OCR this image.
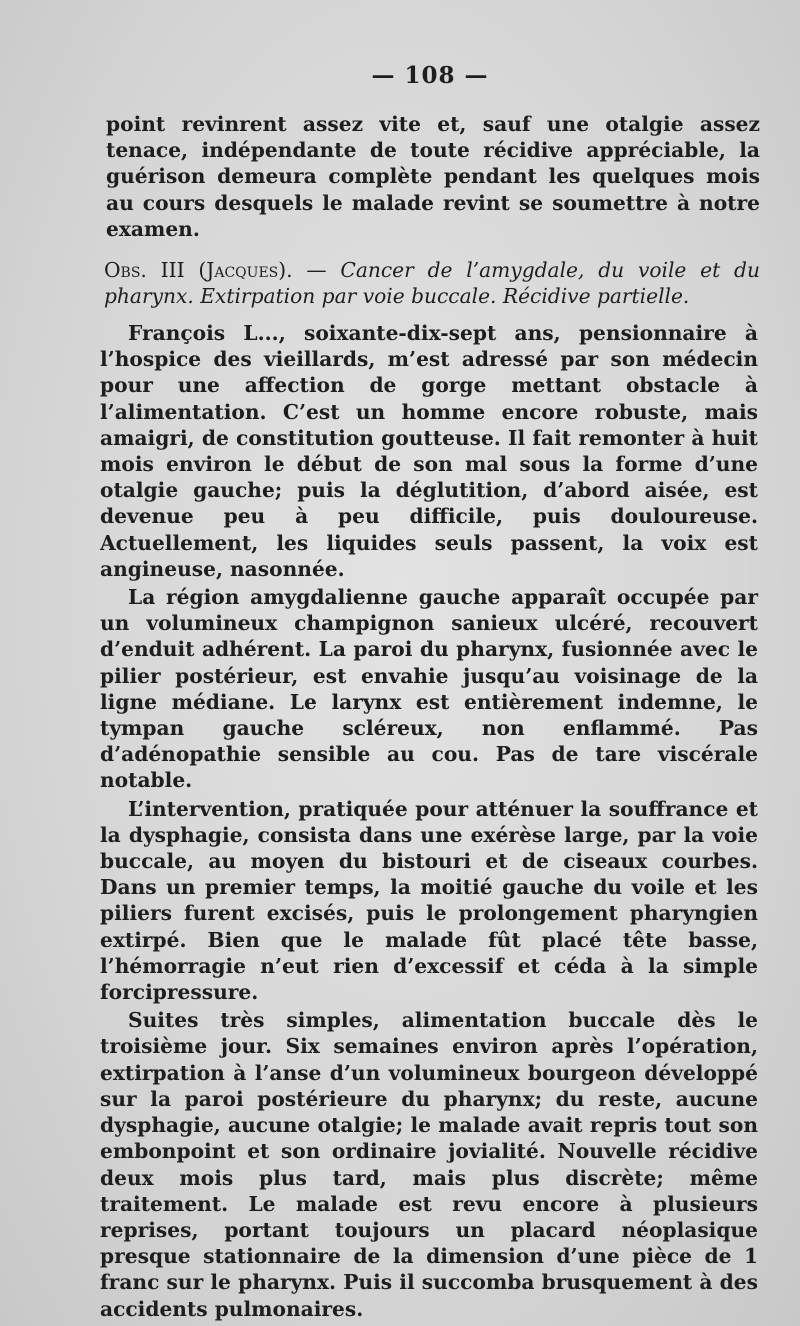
— 108 —

point revinrent assez vite et, sauf une otalgie assez tenace, indépendante de toute récidive appréciable, la guérison demeura complète pendant les quelques mois au cours desquels le malade revint se soumettre à notre examen.

Obs. III (Jacques). — Cancer de l’amygdale, du voile et du pharynx. Extirpation par voie buccale. Récidive partielle.

François L..., soixante-dix-sept ans, pensionnaire à l’hospice des vieillards, m’est adressé par son médecin pour une affection de gorge mettant obstacle à l’alimentation. C’est un homme encore robuste, mais amaigri, de constitution goutteuse. Il fait remonter à huit mois environ le début de son mal sous la forme d’une otalgie gauche; puis la déglutition, d’abord aisée, est devenue peu à peu difficile, puis douloureuse. Actuellement, les liquides seuls passent, la voix est angineuse, nasonnée.

La région amygdalienne gauche apparaît occupée par un volumineux champignon sanieux ulcéré, recouvert d’enduit adhérent. La paroi du pharynx, fusionnée avec le pilier postérieur, est envahie jusqu’au voisinage de la ligne médiane. Le larynx est entièrement indemne, le tympan gauche scléreux, non enflammé. Pas d’adénopathie sensible au cou. Pas de tare viscérale notable.

L’intervention, pratiquée pour atténuer la souffrance et la dysphagie, consista dans une exérèse large, par la voie buccale, au moyen du bistouri et de ciseaux courbes. Dans un premier temps, la moitié gauche du voile et les piliers furent excisés, puis le prolongement pharyngien extirpé. Bien que le malade fût placé tête basse, l’hémorragie n’eut rien d’excessif et céda à la simple forcipressure.

Suites très simples, alimentation buccale dès le troisième jour. Six semaines environ après l’opération, extirpation à l’anse d’un volumineux bourgeon développé sur la paroi postérieure du pharynx; du reste, aucune dysphagie, aucune otalgie; le malade avait repris tout son embonpoint et son ordinaire jovialité. Nouvelle récidive deux mois plus tard, mais plus discrète; même traitement. Le malade est revu encore à plusieurs reprises, portant toujours un placard néoplasique presque stationnaire de la dimension d’une pièce de 1 franc sur le pharynx. Puis il succomba brusquement à des accidents pulmonaires.
